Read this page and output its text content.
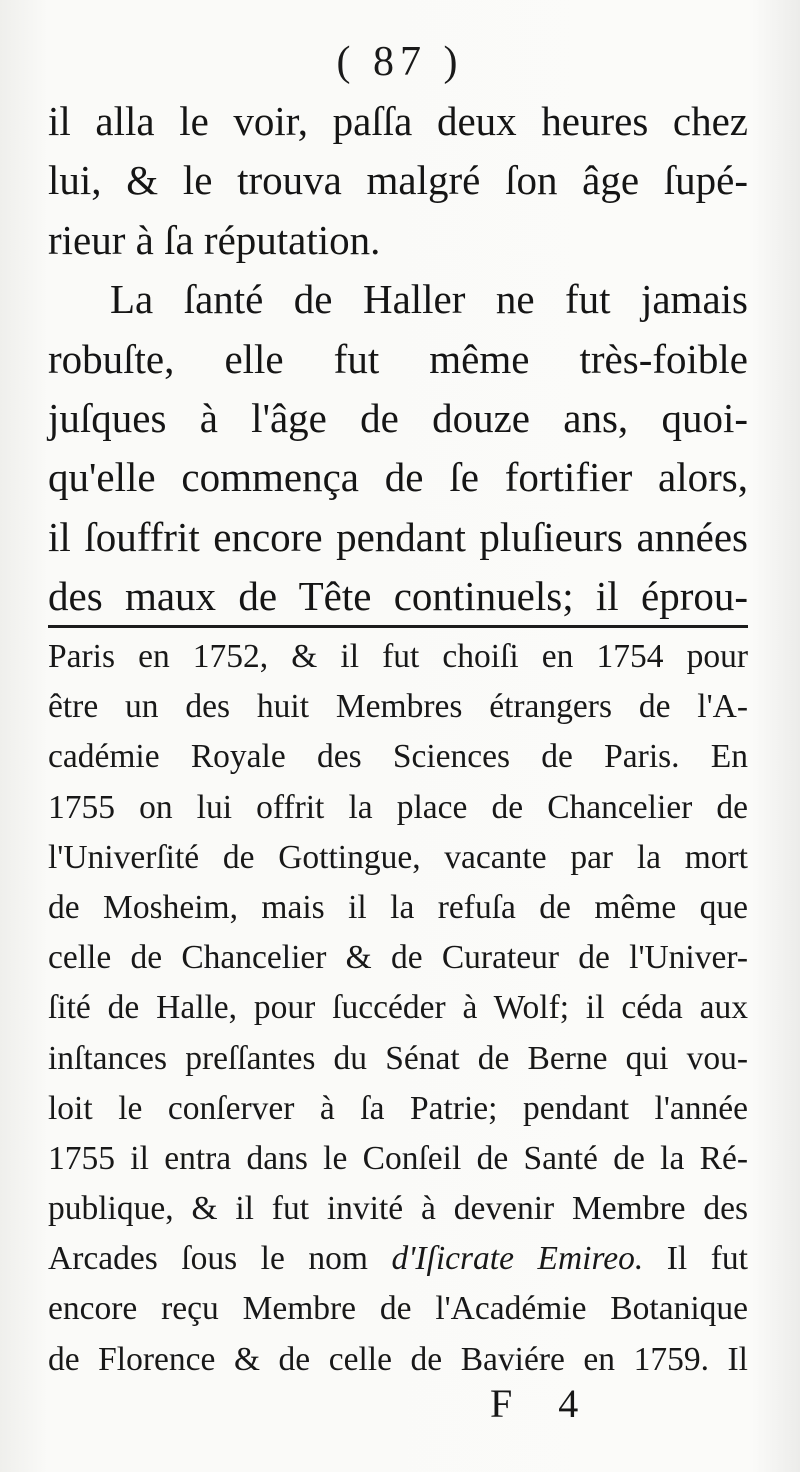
( 87 )
il alla le voir, paſſa deux heures chez
lui, & le trouva malgré ſon âge ſupé-
rieur à ſa réputation.
La ſanté de Haller ne fut jamais
robuſte, elle fut même très-foible
juſques à l'âge de douze ans, quoi-
qu'elle commença de ſe fortifier alors,
il ſouffrit encore pendant pluſieurs années
des maux de Tête continuels; il éprou-
Paris en 1752, & il fut choiſi en 1754 pour
être un des huit Membres étrangers de l'A-
cadémie Royale des Sciences de Paris. En
1755 on lui offrit la place de Chancelier de
l'Univerſité de Gottingue, vacante par la mort
de Mosheim, mais il la refuſa de même que
celle de Chancelier & de Curateur de l'Univer-
ſité de Halle, pour ſuccéder à Wolf; il céda aux
inſtances preſſantes du Sénat de Berne qui vou-
loit le conſerver à ſa Patrie; pendant l'année
1755 il entra dans le Conſeil de Santé de la Ré-
publique, & il fut invité à devenir Membre des
Arcades ſous le nom d'Iſicrate Emireo. Il fut
encore reçu Membre de l'Académie Botanique
de Florence & de celle de Baviére en 1759. Il
F 4
